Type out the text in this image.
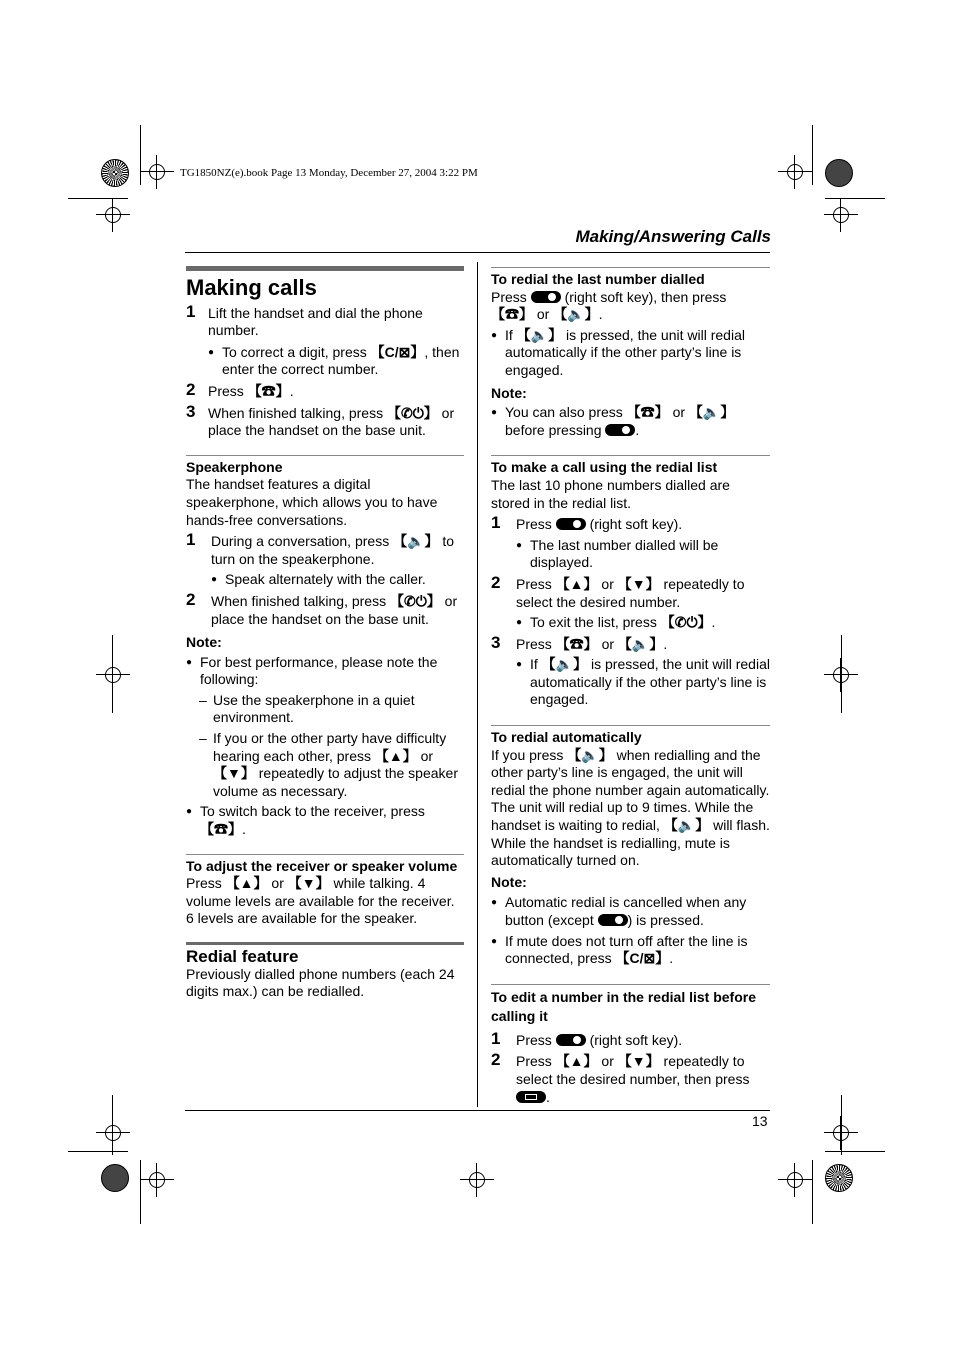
TG1850NZ(e).book Page 13 Monday, December 27, 2004 3:22 PM
Making/Answering Calls
13
Making calls
1 Lift the handset and dial the phone number.
● To correct a digit, press 【C/⊠】, then enter the correct number.
2 Press 【☎】.
3 When finished talking, press 【✆⏻】 or place the handset on the base unit.
Speakerphone

The handset features a digital speakerphone, which allows you to have hands-free conversations.

1 During a conversation, press 【🔈】 to turn on the speakerphone.
● Speak alternately with the caller.
2 When finished talking, press 【✆⏻】 or place the handset on the base unit.
Note:
● For best performance, please note the following:
– Use the speakerphone in a quiet environment.
– If you or the other party have difficulty hearing each other, press 【▲】 or 【▼】 repeatedly to adjust the speaker volume as necessary.
● To switch back to the receiver, press 【☎】.
To adjust the receiver or speaker volume

Press 【▲】 or 【▼】 while talking. 4 volume levels are available for the receiver. 6 levels are available for the speaker.

Redial feature

Previously dialled phone numbers (each 24 digits max.) can be redialled.

To redial the last number dialled

Press  (right soft key), then press 【☎】 or 【🔈】.

● If 【🔈】 is pressed, the unit will redial automatically if the other party’s line is engaged.
Note:
● You can also press 【☎】 or 【🔈】 before pressing .
To make a call using the redial list

The last 10 phone numbers dialled are stored in the redial list.

1 Press  (right soft key).
● The last number dialled will be displayed.
2 Press 【▲】 or 【▼】 repeatedly to select the desired number.
● To exit the list, press 【✆⏻】.
3 Press 【☎】 or 【🔈】.
● If 【🔈】 is pressed, the unit will redial automatically if the other party’s line is engaged.
To redial automatically

If you press 【🔈】 when redialling and the other party’s line is engaged, the unit will redial the phone number again automatically. The unit will redial up to 9 times. While the handset is waiting to redial, 【🔈】 will flash. While the handset is redialling, mute is automatically turned on.

Note:
● Automatic redial is cancelled when any button (except ) is pressed.
● If mute does not turn off after the line is connected, press 【C/⊠】.
To edit a number in the redial list before calling it
1 Press  (right soft key).
2 Press 【▲】 or 【▼】 repeatedly to select the desired number, then press .
